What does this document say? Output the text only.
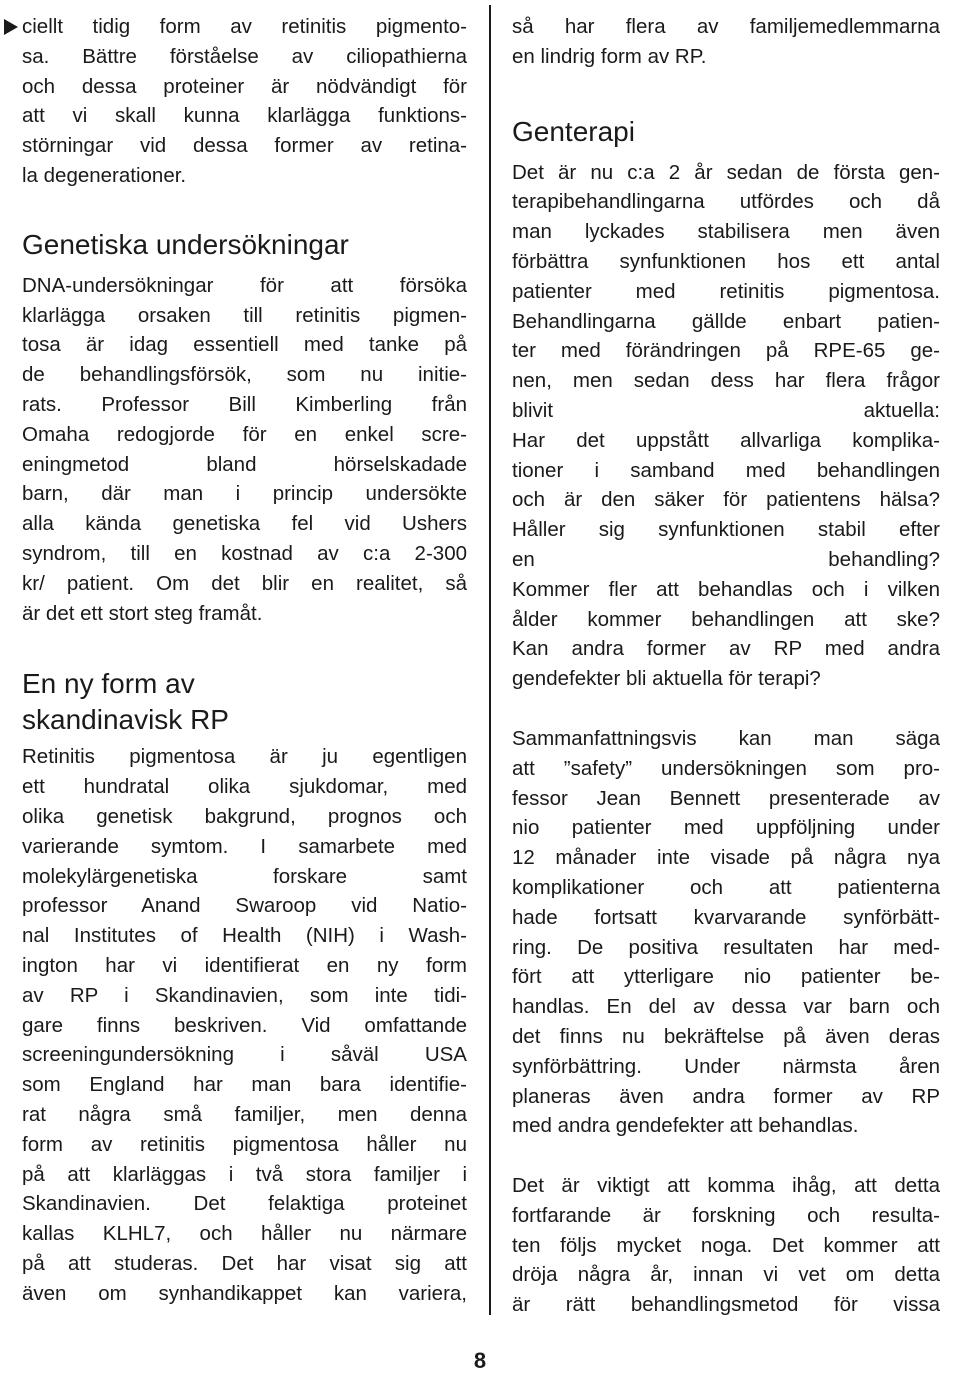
ciellt tidig form av retinitis pigmento-
sa. Bättre förståelse av ciliopathierna
och dessa proteiner är nödvändigt för
att vi skall kunna klarlägga funktions-
störningar vid dessa former av retina-
la degenerationer.
Genetiska undersökningar
DNA-undersökningar för att försöka
klarlägga orsaken till retinitis pigmen-
tosa är idag essentiell med tanke på
de behandlingsförsök, som nu initie-
rats. Professor Bill Kimberling från
Omaha redogjorde för en enkel scre-
eningmetod bland hörselskadade
barn, där man i princip undersökte
alla kända genetiska fel vid Ushers
syndrom, till en kostnad av c:a 2-300
kr/ patient. Om det blir en realitet, så
är det ett stort steg framåt.
En ny form av
skandinavisk RP
Retinitis pigmentosa är ju egentligen
ett hundratal olika sjukdomar, med
olika genetisk bakgrund, prognos och
varierande symtom. I samarbete med
molekylärgenetiska forskare samt
professor Anand Swaroop vid Natio-
nal Institutes of Health (NIH) i Wash-
ington har vi identifierat en ny form
av RP i Skandinavien, som inte tidi-
gare finns beskriven. Vid omfattande
screeningundersökning i såväl USA
som England har man bara identifie-
rat några små familjer, men denna
form av retinitis pigmentosa håller nu
på att klarläggas i två stora familjer i
Skandinavien. Det felaktiga proteinet
kallas KLHL7, och håller nu närmare
på att studeras. Det har visat sig att
även om synhandikappet kan variera,
så har flera av familjemedlemmarna
en lindrig form av RP.
Genterapi
Det är nu c:a 2 år sedan de första gen-
terapibehandlingarna utfördes och då
man lyckades stabilisera men även
förbättra synfunktionen hos ett antal
patienter med retinitis pigmentosa.
Behandlingarna gällde enbart patien-
ter med förändringen på RPE-65 ge-
nen, men sedan dess har flera frågor
blivit aktuella:
Har det uppstått allvarliga komplika-
tioner i samband med behandlingen
och är den säker för patientens hälsa?
Håller sig synfunktionen stabil efter
en behandling?
Kommer fler att behandlas och i vilken
ålder kommer behandlingen att ske?
Kan andra former av RP med andra
gendefekter bli aktuella för terapi?
Sammanfattningsvis kan man säga
att ”safety” undersökningen som pro-
fessor Jean Bennett presenterade av
nio patienter med uppföljning under
12 månader inte visade på några nya
komplikationer och att patienterna
hade fortsatt kvarvarande synförbätt-
ring. De positiva resultaten har med-
fört att ytterligare nio patienter be-
handlas. En del av dessa var barn och
det finns nu bekräftelse på även deras
synförbättring. Under närmsta åren
planeras även andra former av RP
med andra gendefekter att behandlas.
Det är viktigt att komma ihåg, att detta
fortfarande är forskning och resulta-
ten följs mycket noga. Det kommer att
dröja några år, innan vi vet om detta
är rätt behandlingsmetod för vissa
8
